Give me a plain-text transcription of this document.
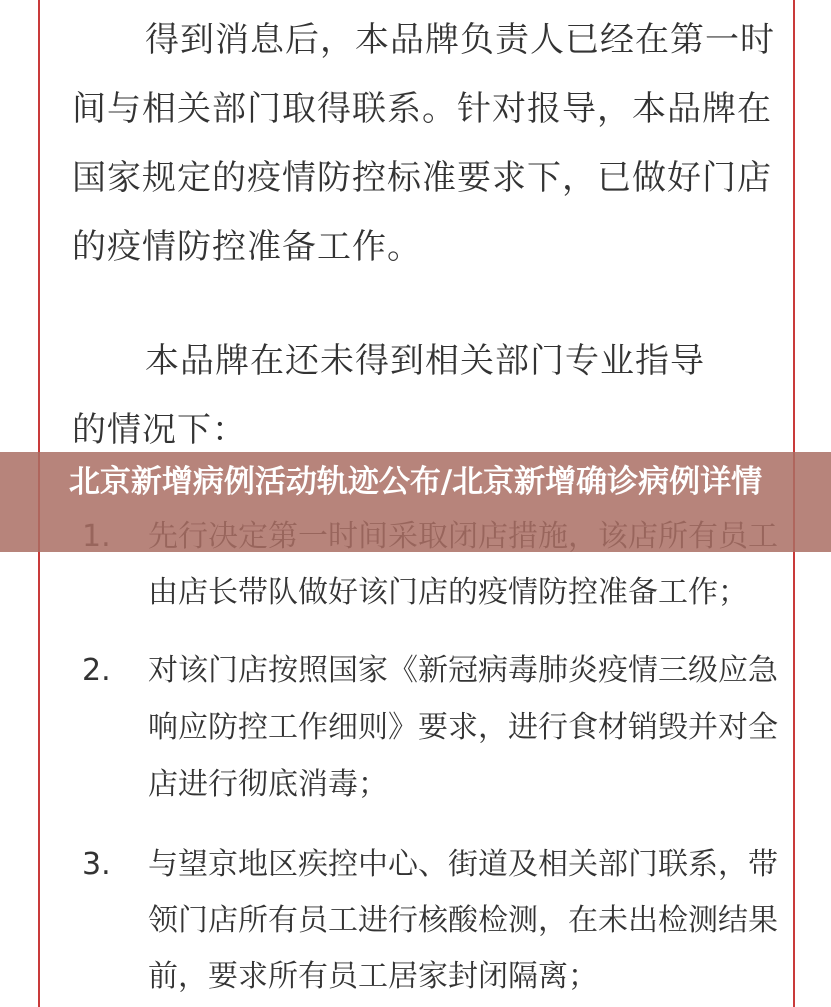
得到消息后，本品牌负责人已经在第一时
间与相关部门取得联系。针对报导，本品牌在
国家规定的疫情防控标准要求下，已做好门店
的疫情防控准备工作。
本品牌在还未得到相关部门专业指导
的情况下：
由店长带队做好该门店的疫情防控准备工作；
2. 对该门店按照国家《新冠病毒肺炎疫情三级应急
响应防控工作细则》要求，进行食材销毁并对全
店进行彻底消毒；
3. 与望京地区疾控中心、街道及相关部门联系，带
领门店所有员工进行核酸检测，在未出检测结果
前，要求所有员工居家封闭隔离；
北京新增病例活动轨迹公布/北京新增确诊病例详情
